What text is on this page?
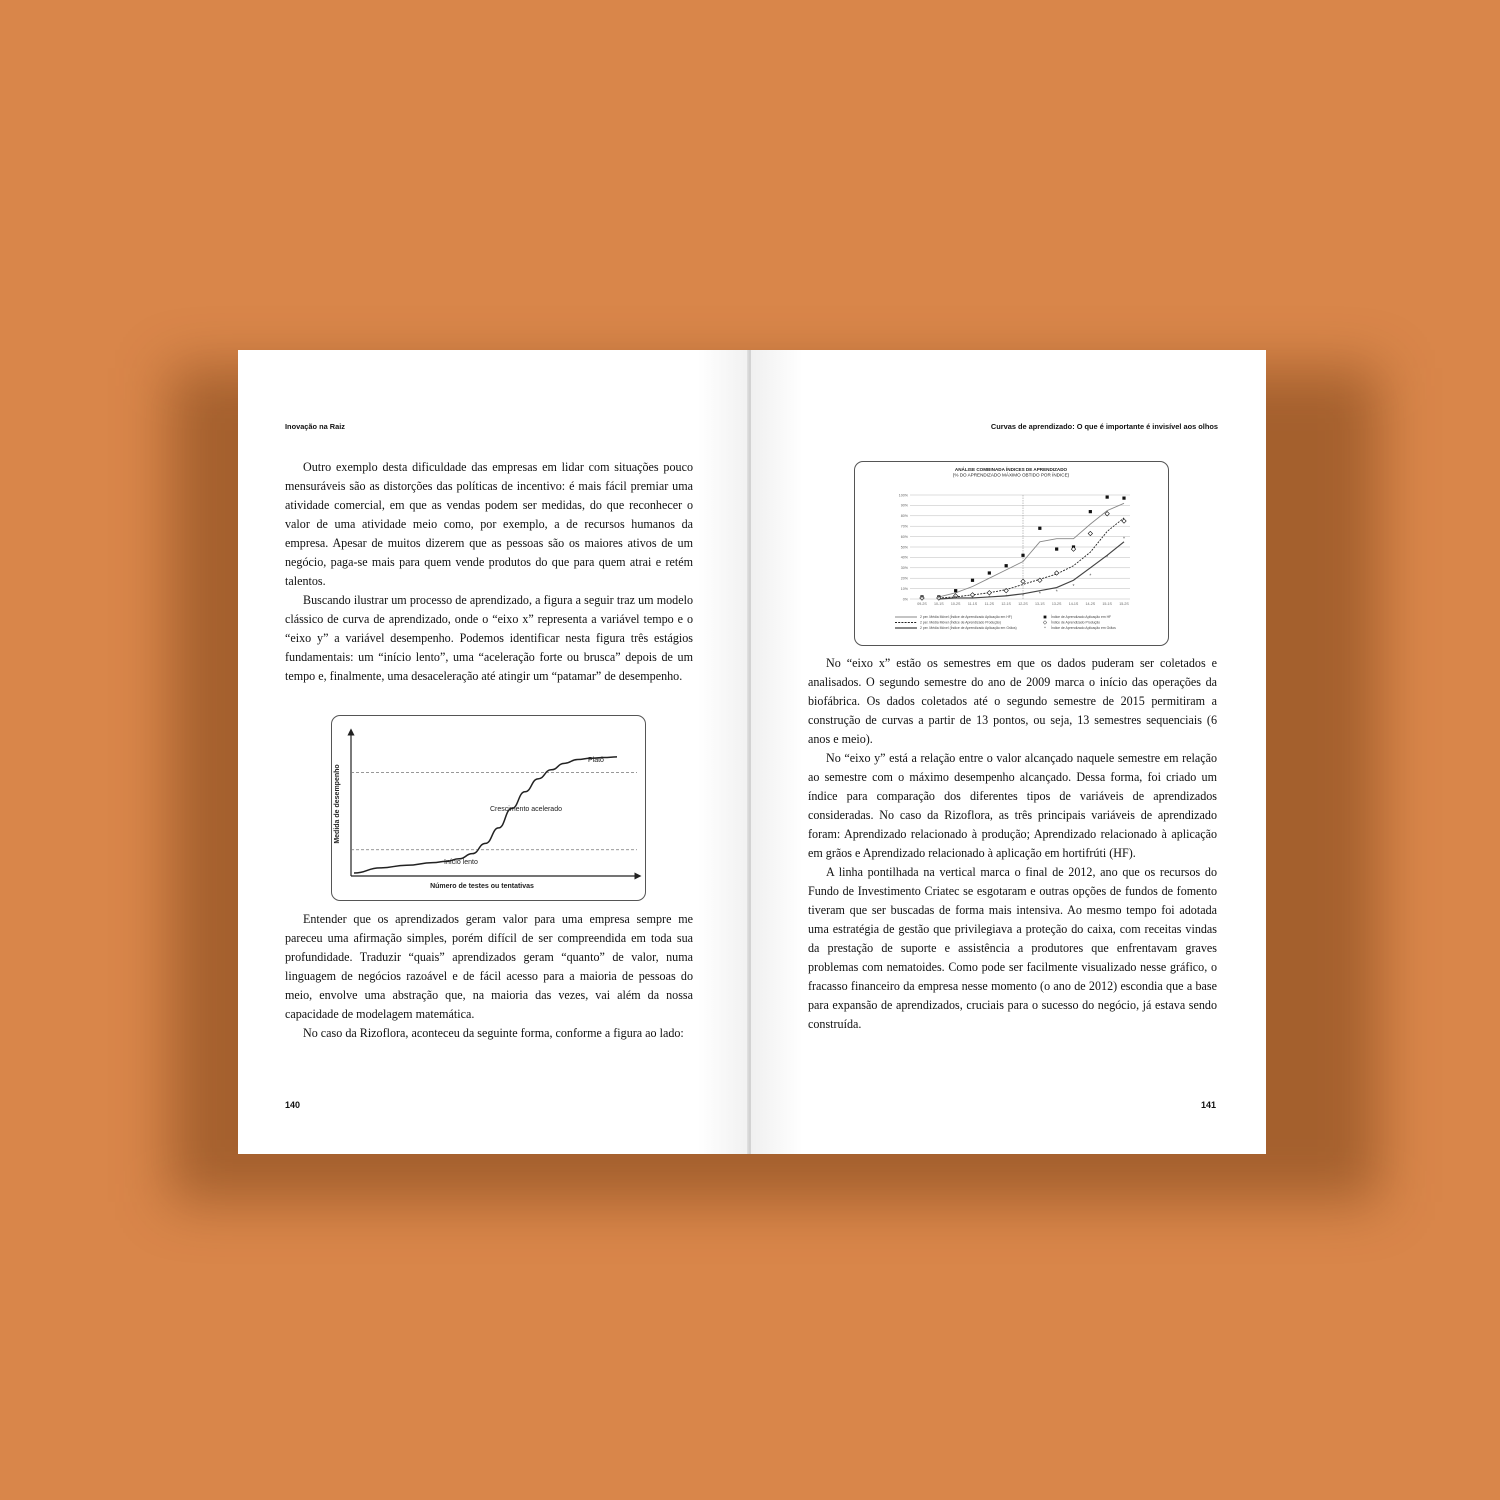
Inovação na Raiz

Outro exemplo desta dificuldade das empresas em lidar com situações pouco mensuráveis são as distorções das políticas de incentivo: é mais fácil premiar uma atividade comercial, em que as vendas podem ser medidas, do que reconhecer o valor de uma atividade meio como, por exemplo, a de recursos humanos da empresa. Apesar de muitos dizerem que as pessoas são os maiores ativos de um negócio, paga-se mais para quem vende produtos do que para quem atrai e retém talentos.

Buscando ilustrar um processo de aprendizado, a figura a seguir traz um modelo clássico de curva de aprendizado, onde o “eixo x” representa a variável tempo e o “eixo y” a variável desempenho. Podemos identificar nesta figura três estágios fundamentais: um “início lento”, uma “aceleração forte ou brusca” depois de um tempo e, finalmente, uma desaceleração até atingir um “patamar” de desempenho.

Medida de desempenho
Número de testes ou tentativas
Platô
Crescimento acelerado
Início lento

Entender que os aprendizados geram valor para uma empresa sempre me pareceu uma afirmação simples, porém difícil de ser compreendida em toda sua profundidade. Traduzir “quais” aprendizados geram “quanto” de valor, numa linguagem de negócios razoável e de fácil acesso para a maioria de pessoas do meio, envolve uma abstração que, na maioria das vezes, vai além da nossa capacidade de modelagem matemática.

No caso da Rizoflora, aconteceu da seguinte forma, conforme a figura ao lado:

140
Curvas de aprendizado: O que é importante é invisível aos olhos
ANÁLISE COMBINADA ÍNDICES DE APRENDIZADO
(% DO APRENDIZADO MÁXIMO OBTIDO POR ÍNDICE)
*	*	*	*	*	*	*	*	*
*
*
*
*
0%
10%
20%
30%
40%
50%
60%
70%
80%
90%
100%
09-2S 10-1S 10-2S 11-1S 11-2S 12-1S 12-2S 13-1S 13-2S 14-1S 14-2S 15-1S 15-2S
2 per. Média Móvel (Índice de Aprendizado Aplicação em HF)
2 per. Média Móvel (Índice de Aprendizado Produção)
2 per. Média Móvel (Índice de Aprendizado Aplicação em Grãos)
Índice de Aprendizado Aplicação em HF
Índice de Aprendizado Produção
* Índice de Aprendizado Aplicação em Grãos

No “eixo x” estão os semestres em que os dados puderam ser coletados e analisados. O segundo semestre do ano de 2009 marca o início das operações da biofábrica. Os dados coletados até o segundo semestre de 2015 permitiram a construção de curvas a partir de 13 pontos, ou seja, 13 semestres sequenciais (6 anos e meio).

No “eixo y” está a relação entre o valor alcançado naquele semestre em relação ao semestre com o máximo desempenho alcançado. Dessa forma, foi criado um índice para comparação dos diferentes tipos de variáveis de aprendizados consideradas. No caso da Rizoflora, as três principais variáveis de aprendizado foram: Aprendizado relacionado à produção; Aprendizado relacionado à aplicação em grãos e Aprendizado relacionado à aplicação em hortifrúti (HF).

A linha pontilhada na vertical marca o final de 2012, ano que os recursos do Fundo de Investimento Criatec se esgotaram e outras opções de fundos de fomento tiveram que ser buscadas de forma mais intensiva. Ao mesmo tempo foi adotada uma estratégia de gestão que privilegiava a proteção do caixa, com receitas vindas da prestação de suporte e assistência a produtores que enfrentavam graves problemas com nematoides. Como pode ser facilmente visualizado nesse gráfico, o fracasso financeiro da empresa nesse momento (o ano de 2012) escondia que a base para expansão de aprendizados, cruciais para o sucesso do negócio, já estava sendo construída.

141
